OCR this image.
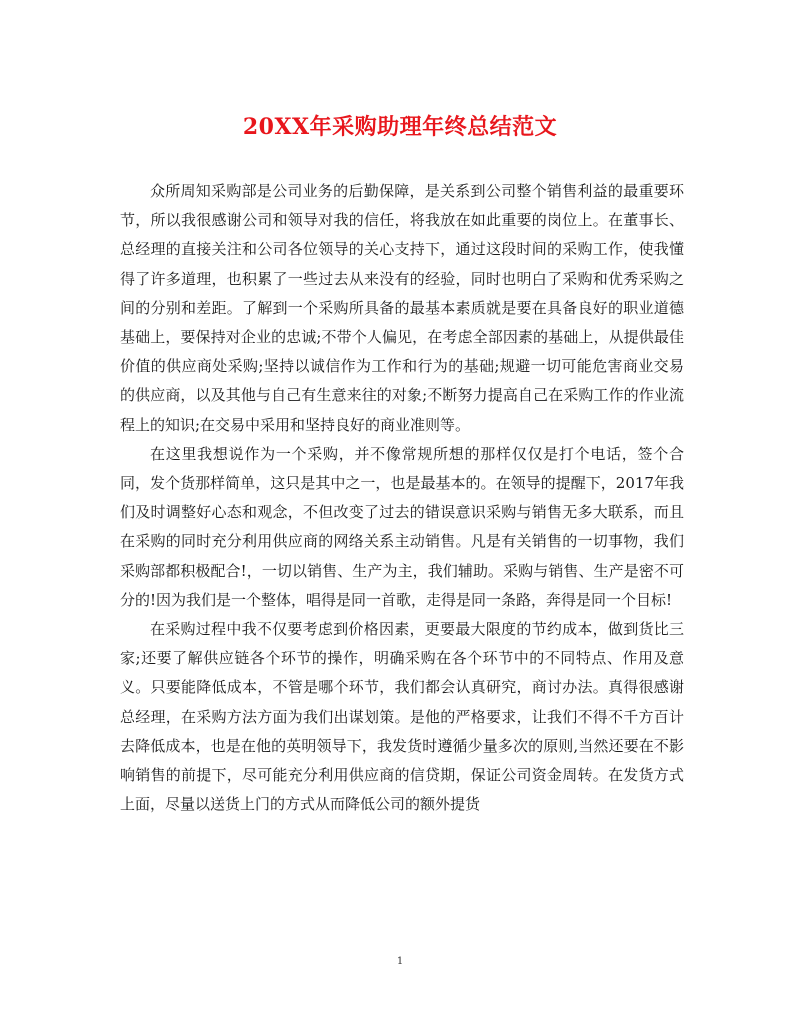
20XX年采购助理年终总结范文

众所周知采购部是公司业务的后勤保障，是关系到公司整个销售利益的最重要环节，所以我很感谢公司和领导对我的信任，将我放在如此重要的岗位上。在董事长、总经理的直接关注和公司各位领导的关心支持下，通过这段时间的采购工作，使我懂得了许多道理，也积累了一些过去从来没有的经验，同时也明白了采购和优秀采购之间的分别和差距。了解到一个采购所具备的最基本素质就是要在具备良好的职业道德基础上，要保持对企业的忠诚;不带个人偏见，在考虑全部因素的基础上，从提供最佳价值的供应商处采购;坚持以诚信作为工作和行为的基础;规避一切可能危害商业交易的供应商，以及其他与自己有生意来往的对象;不断努力提高自己在采购工作的作业流程上的知识;在交易中采用和坚持良好的商业准则等。

在这里我想说作为一个采购，并不像常规所想的那样仅仅是打个电话，签个合同，发个货那样简单，这只是其中之一，也是最基本的。在领导的提醒下，2017年我们及时调整好心态和观念，不但改变了过去的错误意识采购与销售无多大联系，而且在采购的同时充分利用供应商的网络关系主动销售。凡是有关销售的一切事物，我们采购部都积极配合!，一切以销售、生产为主，我们辅助。采购与销售、生产是密不可分的!因为我们是一个整体，唱得是同一首歌，走得是同一条路，奔得是同一个目标!

在采购过程中我不仅要考虑到价格因素，更要最大限度的节约成本，做到货比三家;还要了解供应链各个环节的操作，明确采购在各个环节中的不同特点、作用及意义。只要能降低成本，不管是哪个环节，我们都会认真研究，商讨办法。真得很感谢总经理，在采购方法方面为我们出谋划策。是他的严格要求，让我们不得不千方百计去降低成本，也是在他的英明领导下，我发货时遵循少量多次的原则,当然还要在不影响销售的前提下，尽可能充分利用供应商的信贷期，保证公司资金周转。在发货方式上面，尽量以送货上门的方式从而降低公司的额外提货

1
